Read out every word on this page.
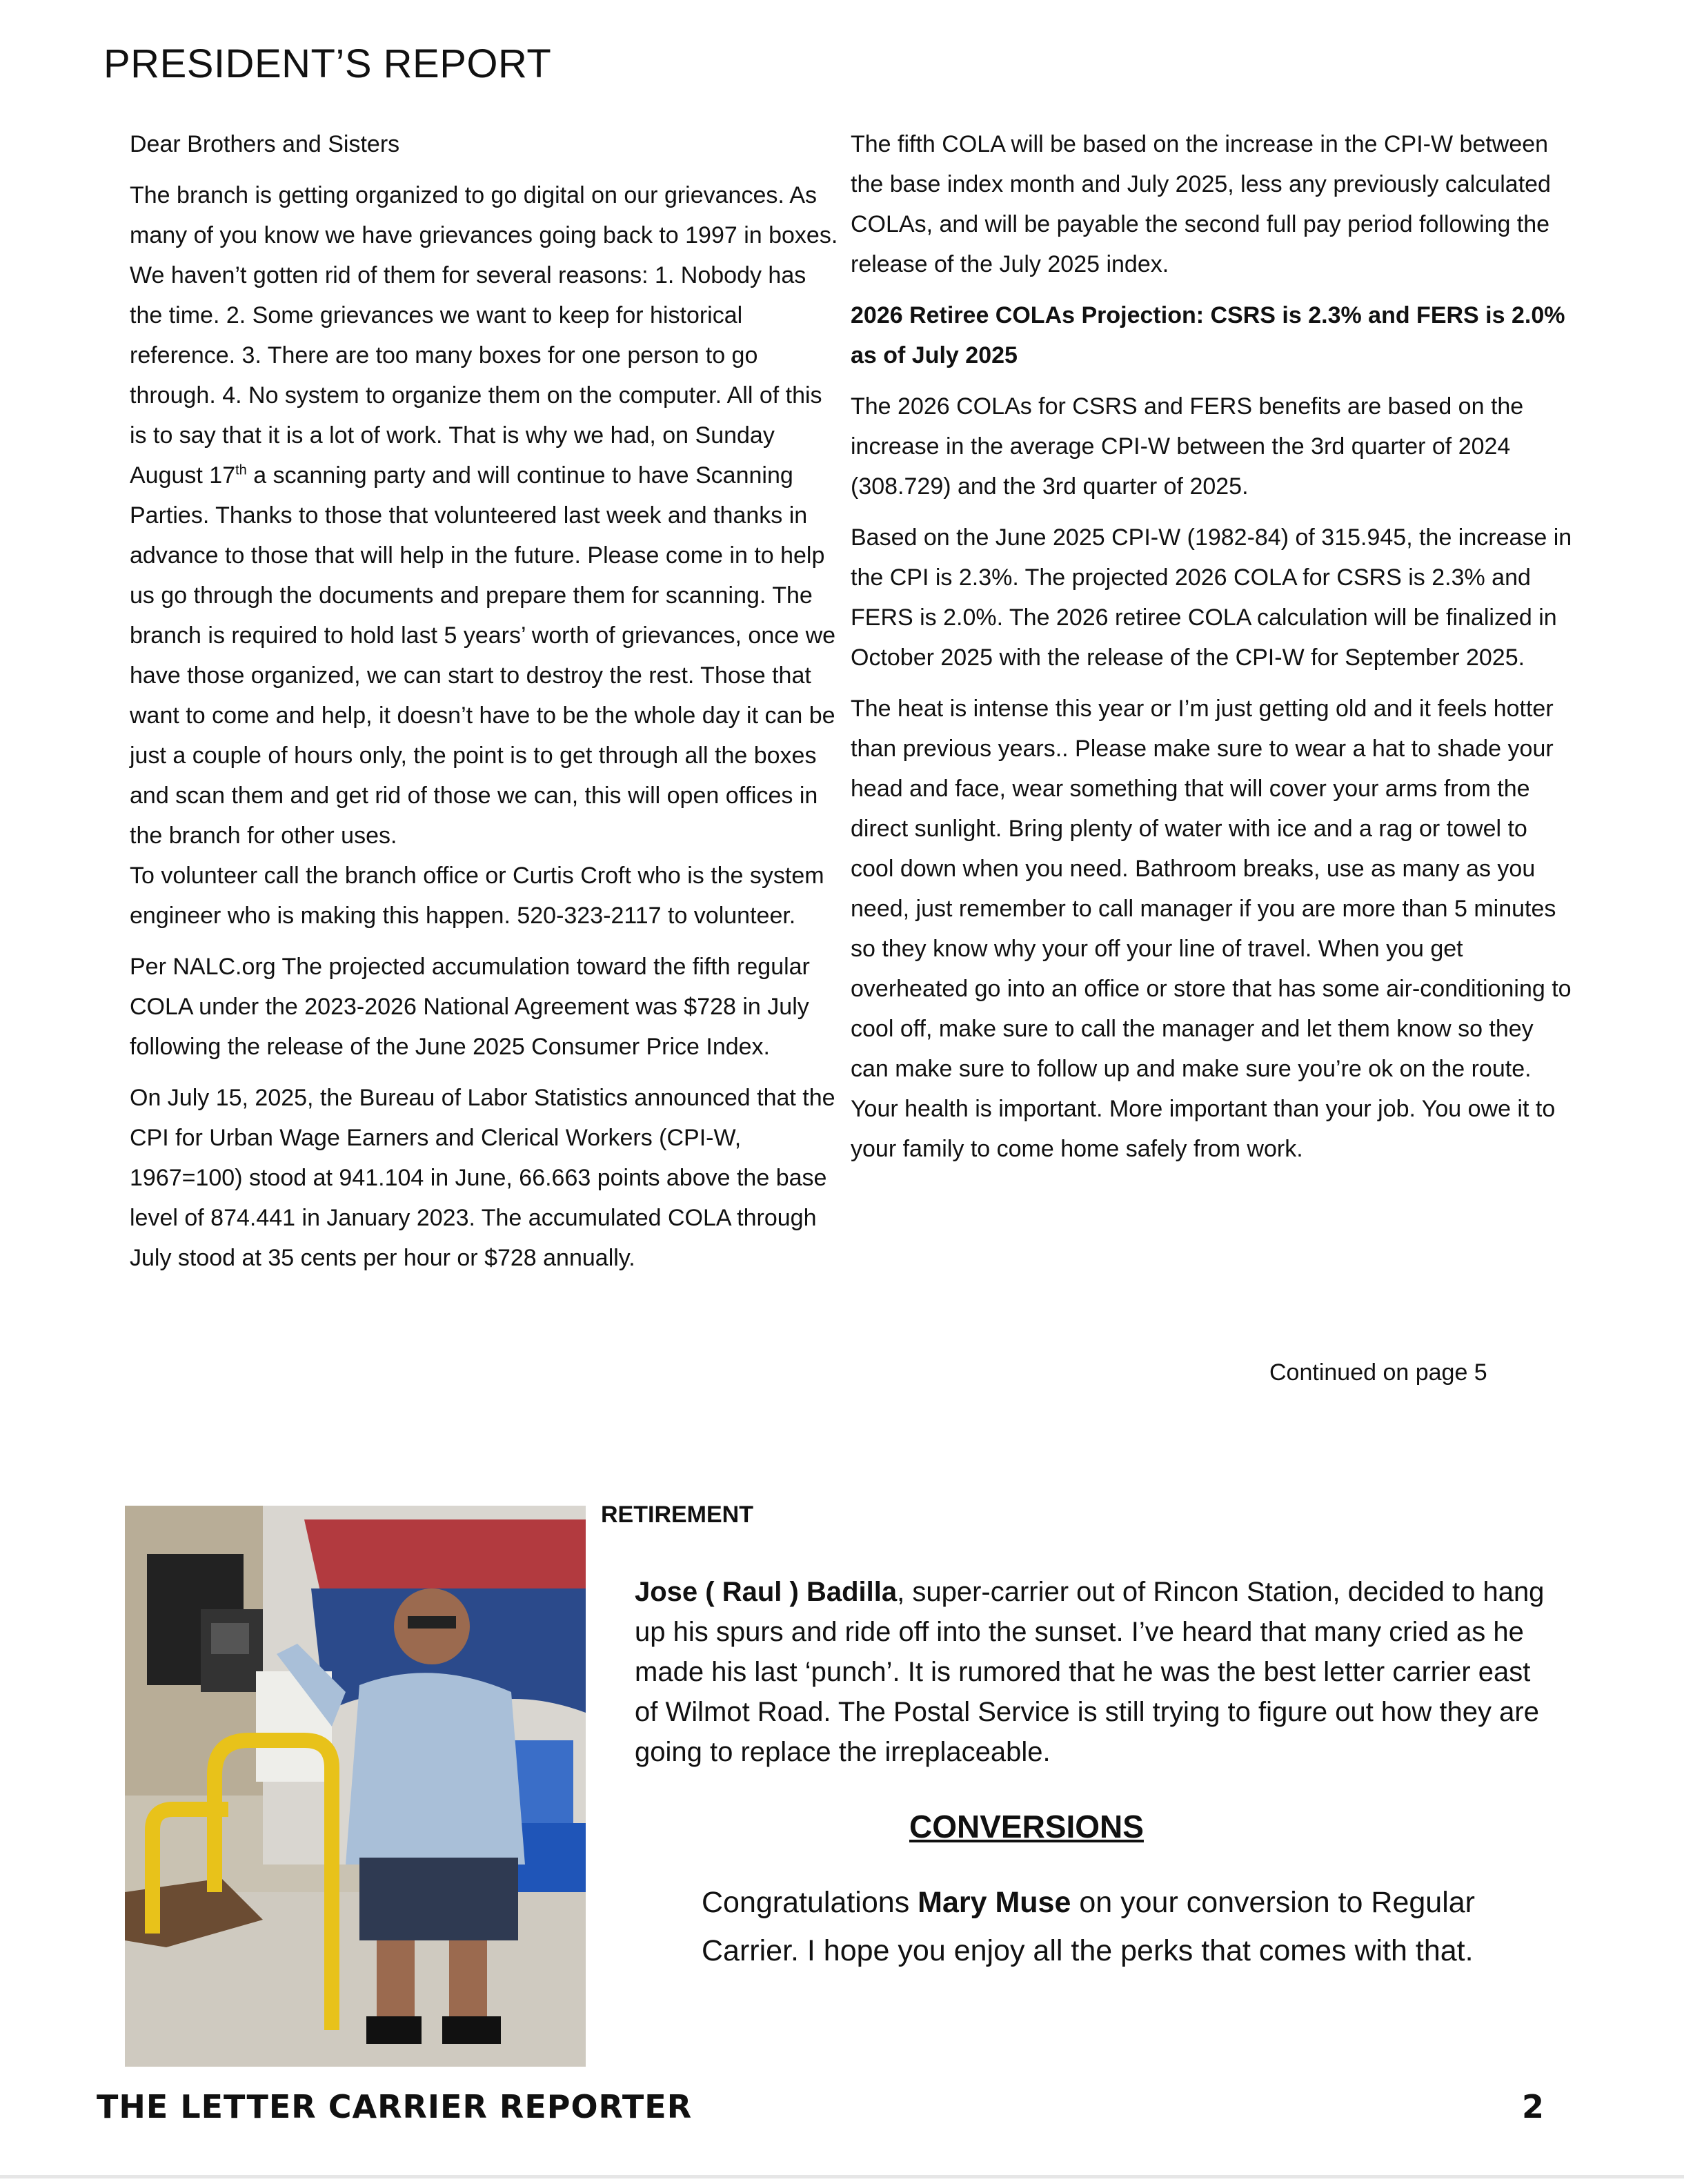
PRESIDENT’S REPORT

Dear Brothers and Sisters

The branch is getting organized to go digital on our grievances. As many of you know we have grievances going back to 1997 in boxes. We haven’t gotten rid of them for several reasons: 1. Nobody has the time. 2. Some grievances we want to keep for historical reference. 3. There are too many boxes for one person to go through. 4. No system to organize them on the computer. All of this is to say that it is a lot of work. That is why we had, on Sunday August 17th a scanning party and will continue to have Scanning Parties. Thanks to those that volunteered last week and thanks in advance to those that will help in the future. Please come in to help us go through the documents and prepare them for scanning. The branch is required to hold last 5 years’ worth of grievances, once we have those organized, we can start to destroy the rest. Those that want to come and help, it doesn’t have to be the whole day it can be just a couple of hours only, the point is to get through all the boxes and scan them and get rid of those we can, this will open offices in the branch for other uses.
To volunteer call the branch office or Curtis Croft who is the system engineer who is making this happen. 520-323-2117 to volunteer.

Per NALC.org The projected accumulation toward the fifth regular COLA under the 2023-2026 National Agreement was $728 in July following the release of the June 2025 Consumer Price Index.

On July 15, 2025, the Bureau of Labor Statistics announced that the CPI for Urban Wage Earners and Clerical Workers (CPI-W, 1967=100) stood at 941.104 in June, 66.663 points above the base level of 874.441 in January 2023. The accumulated COLA through July stood at 35 cents per hour or $728 annually.

The fifth COLA will be based on the increase in the CPI-W between the base index month and July 2025, less any previously calculated COLAs, and will be payable the second full pay period following the release of the July 2025 index.

2026 Retiree COLAs Projection: CSRS is 2.3% and FERS is 2.0% as of July 2025

The 2026 COLAs for CSRS and FERS benefits are based on the increase in the average CPI-W between the 3rd quarter of 2024 (308.729) and the 3rd quarter of 2025.

Based on the June 2025 CPI-W (1982-84) of 315.945, the increase in the CPI is 2.3%. The projected 2026 COLA for CSRS is 2.3% and FERS is 2.0%. The 2026 retiree COLA calculation will be finalized in October 2025 with the release of the CPI-W for September 2025.

The heat is intense this year or I’m just getting old and it feels hotter than previous years.. Please make sure to wear a hat to shade your head and face, wear something that will cover your arms from the direct sunlight. Bring plenty of water with ice and a rag or towel to cool down when you need. Bathroom breaks, use as many as you need, just remember to call manager if you are more than 5 minutes so they know why your off your line of travel. When you get overheated go into an office or store that has some air-conditioning to cool off, make sure to call the manager and let them know so they can make sure to follow up and make sure you’re ok on the route. Your health is important. More important than your job. You owe it to your family to come home safely from work.

Continued on page 5
RETIREMENT
Jose ( Raul ) Badilla, super-carrier out of Rincon Station, decided to hang up his spurs and ride off into the sunset. I’ve heard that many cried as he made his last ‘punch’. It is rumored that he was the best letter carrier east of Wilmot Road. The Postal Service is still trying to figure out how they are going to replace the irreplaceable.
CONVERSIONS
Congratulations Mary Muse on your conversion to Regular Carrier. I hope you enjoy all the perks that comes with that.
THE LETTER CARRIER REPORTER	2
